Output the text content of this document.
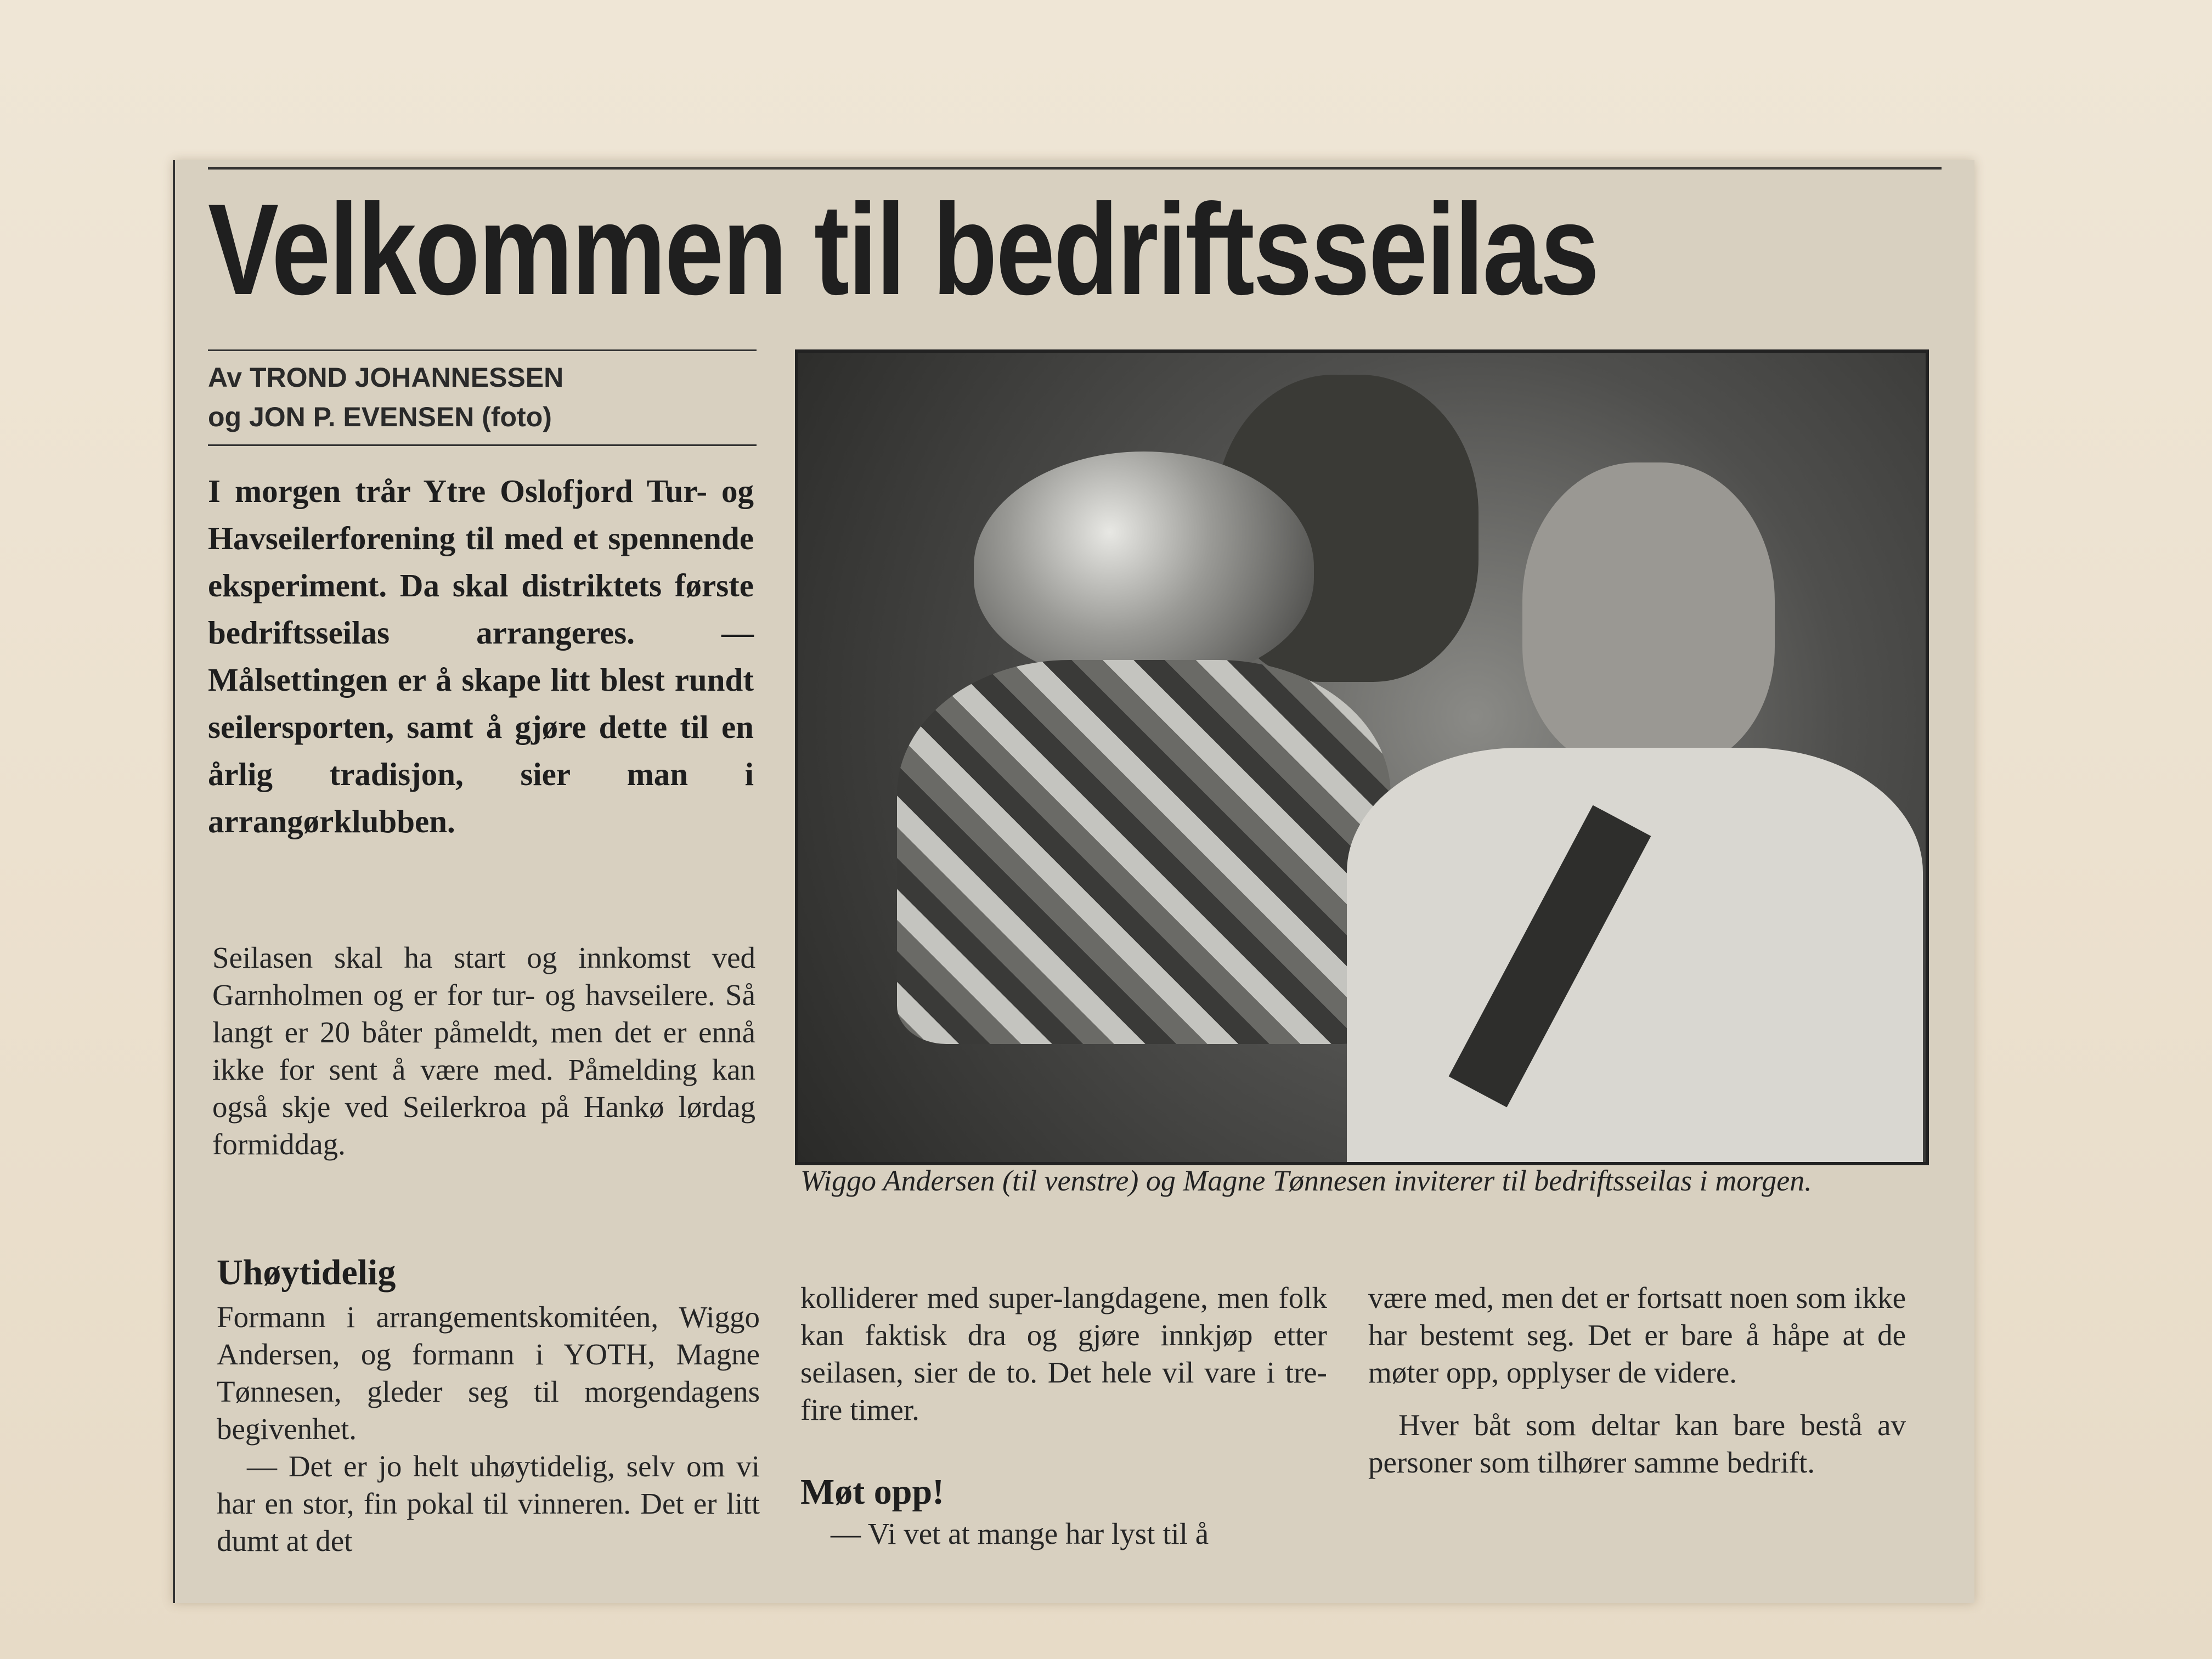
Velkommen til bedriftsseilas
Av TROND JOHANNESSEN
og JON P. EVENSEN (foto)
I morgen trår Ytre Oslofjord Tur- og Havseilerforening til med et spennende eksperiment. Da skal distriktets første bedriftsseilas arrangeres. — Målsettingen er å skape litt blest rundt seilersporten, samt å gjøre dette til en årlig tradisjon, sier man i arrangørklubben.
Seilasen skal ha start og innkomst ved Garnholmen og er for tur- og havseilere. Så langt er 20 båter påmeldt, men det er ennå ikke for sent å være med. Påmelding kan også skje ved Seilerkroa på Hankø lørdag formiddag.
Wiggo Andersen (til venstre) og Magne Tønnesen inviterer til bedriftsseilas i morgen.
Uhøytidelig

Formann i arrangementskomitéen, Wiggo Andersen, og formann i YOTH, Magne Tønnesen, gleder seg til morgendagens begivenhet.

— Det er jo helt uhøytidelig, selv om vi har en stor, fin pokal til vinneren. Det er litt dumt at det

kolliderer med super-langdagene, men folk kan faktisk dra og gjøre innkjøp etter seilasen, sier de to. Det hele vil vare i tre-fire timer.

Møt opp!

— Vi vet at mange har lyst til å

være med, men det er fortsatt noen som ikke har bestemt seg. Det er bare å håpe at de møter opp, opplyser de videre.

Hver båt som deltar kan bare bestå av personer som tilhører samme bedrift.
